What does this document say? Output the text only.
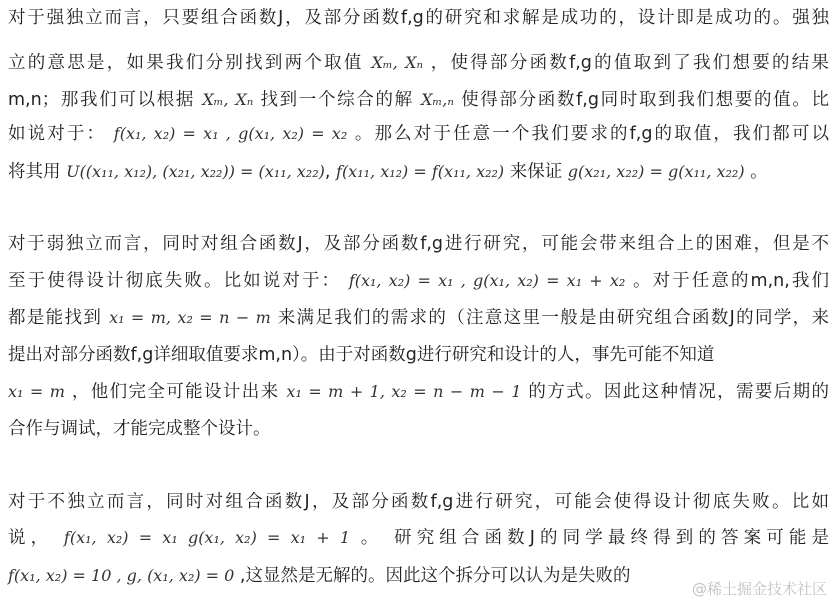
对于强独立而言，只要组合函数J，及部分函数f,g的研究和求解是成功的，设计即是成功的。强独
立的意思是，如果我们分别找到两个取值 Xₘ, Xₙ ，使得部分函数f,g的值取到了我们想要的结果
m,n；那我们可以根据 Xₘ, Xₙ 找到一个综合的解 Xₘ,ₙ 使得部分函数f,g同时取到我们想要的值。比
如说对于： f(x₁, x₂) = x₁ , g(x₁, x₂) = x₂ 。那么对于任意一个我们要求的f,g的取值，我们都可以
将其用 U((x₁₁, x₁₂), (x₂₁, x₂₂)) = (x₁₁, x₂₂), f(x₁₁, x₁₂) = f(x₁₁, x₂₂) 来保证 g(x₂₁, x₂₂) = g(x₁₁, x₂₂) 。
对于弱独立而言，同时对组合函数J，及部分函数f,g进行研究，可能会带来组合上的困难，但是不
至于使得设计彻底失败。比如说对于： f(x₁, x₂) = x₁ , g(x₁, x₂) = x₁ + x₂ 。对于任意的m,n,我们
都是能找到 x₁ = m, x₂ = n − m 来满足我们的需求的（注意这里一般是由研究组合函数J的同学，来
提出对部分函数f,g详细取值要求m,n）。由于对函数g进行研究和设计的人，事先可能不知道
x₁ = m ，他们完全可能设计出来 x₁ = m + 1, x₂ = n − m − 1 的方式。因此这种情况，需要后期的
合作与调试，才能完成整个设计。
对于不独立而言，同时对组合函数J，及部分函数f,g进行研究，可能会使得设计彻底失败。比如
说， f(x₁, x₂) = x₁ g(x₁, x₂) = x₁ + 1 。 研究组合函数J的同学最终得到的答案可能是
f(x₁, x₂) = 10 , g, (x₁, x₂) = 0 ,这显然是无解的。因此这个拆分可以认为是失败的
@稀土掘金技术社区
